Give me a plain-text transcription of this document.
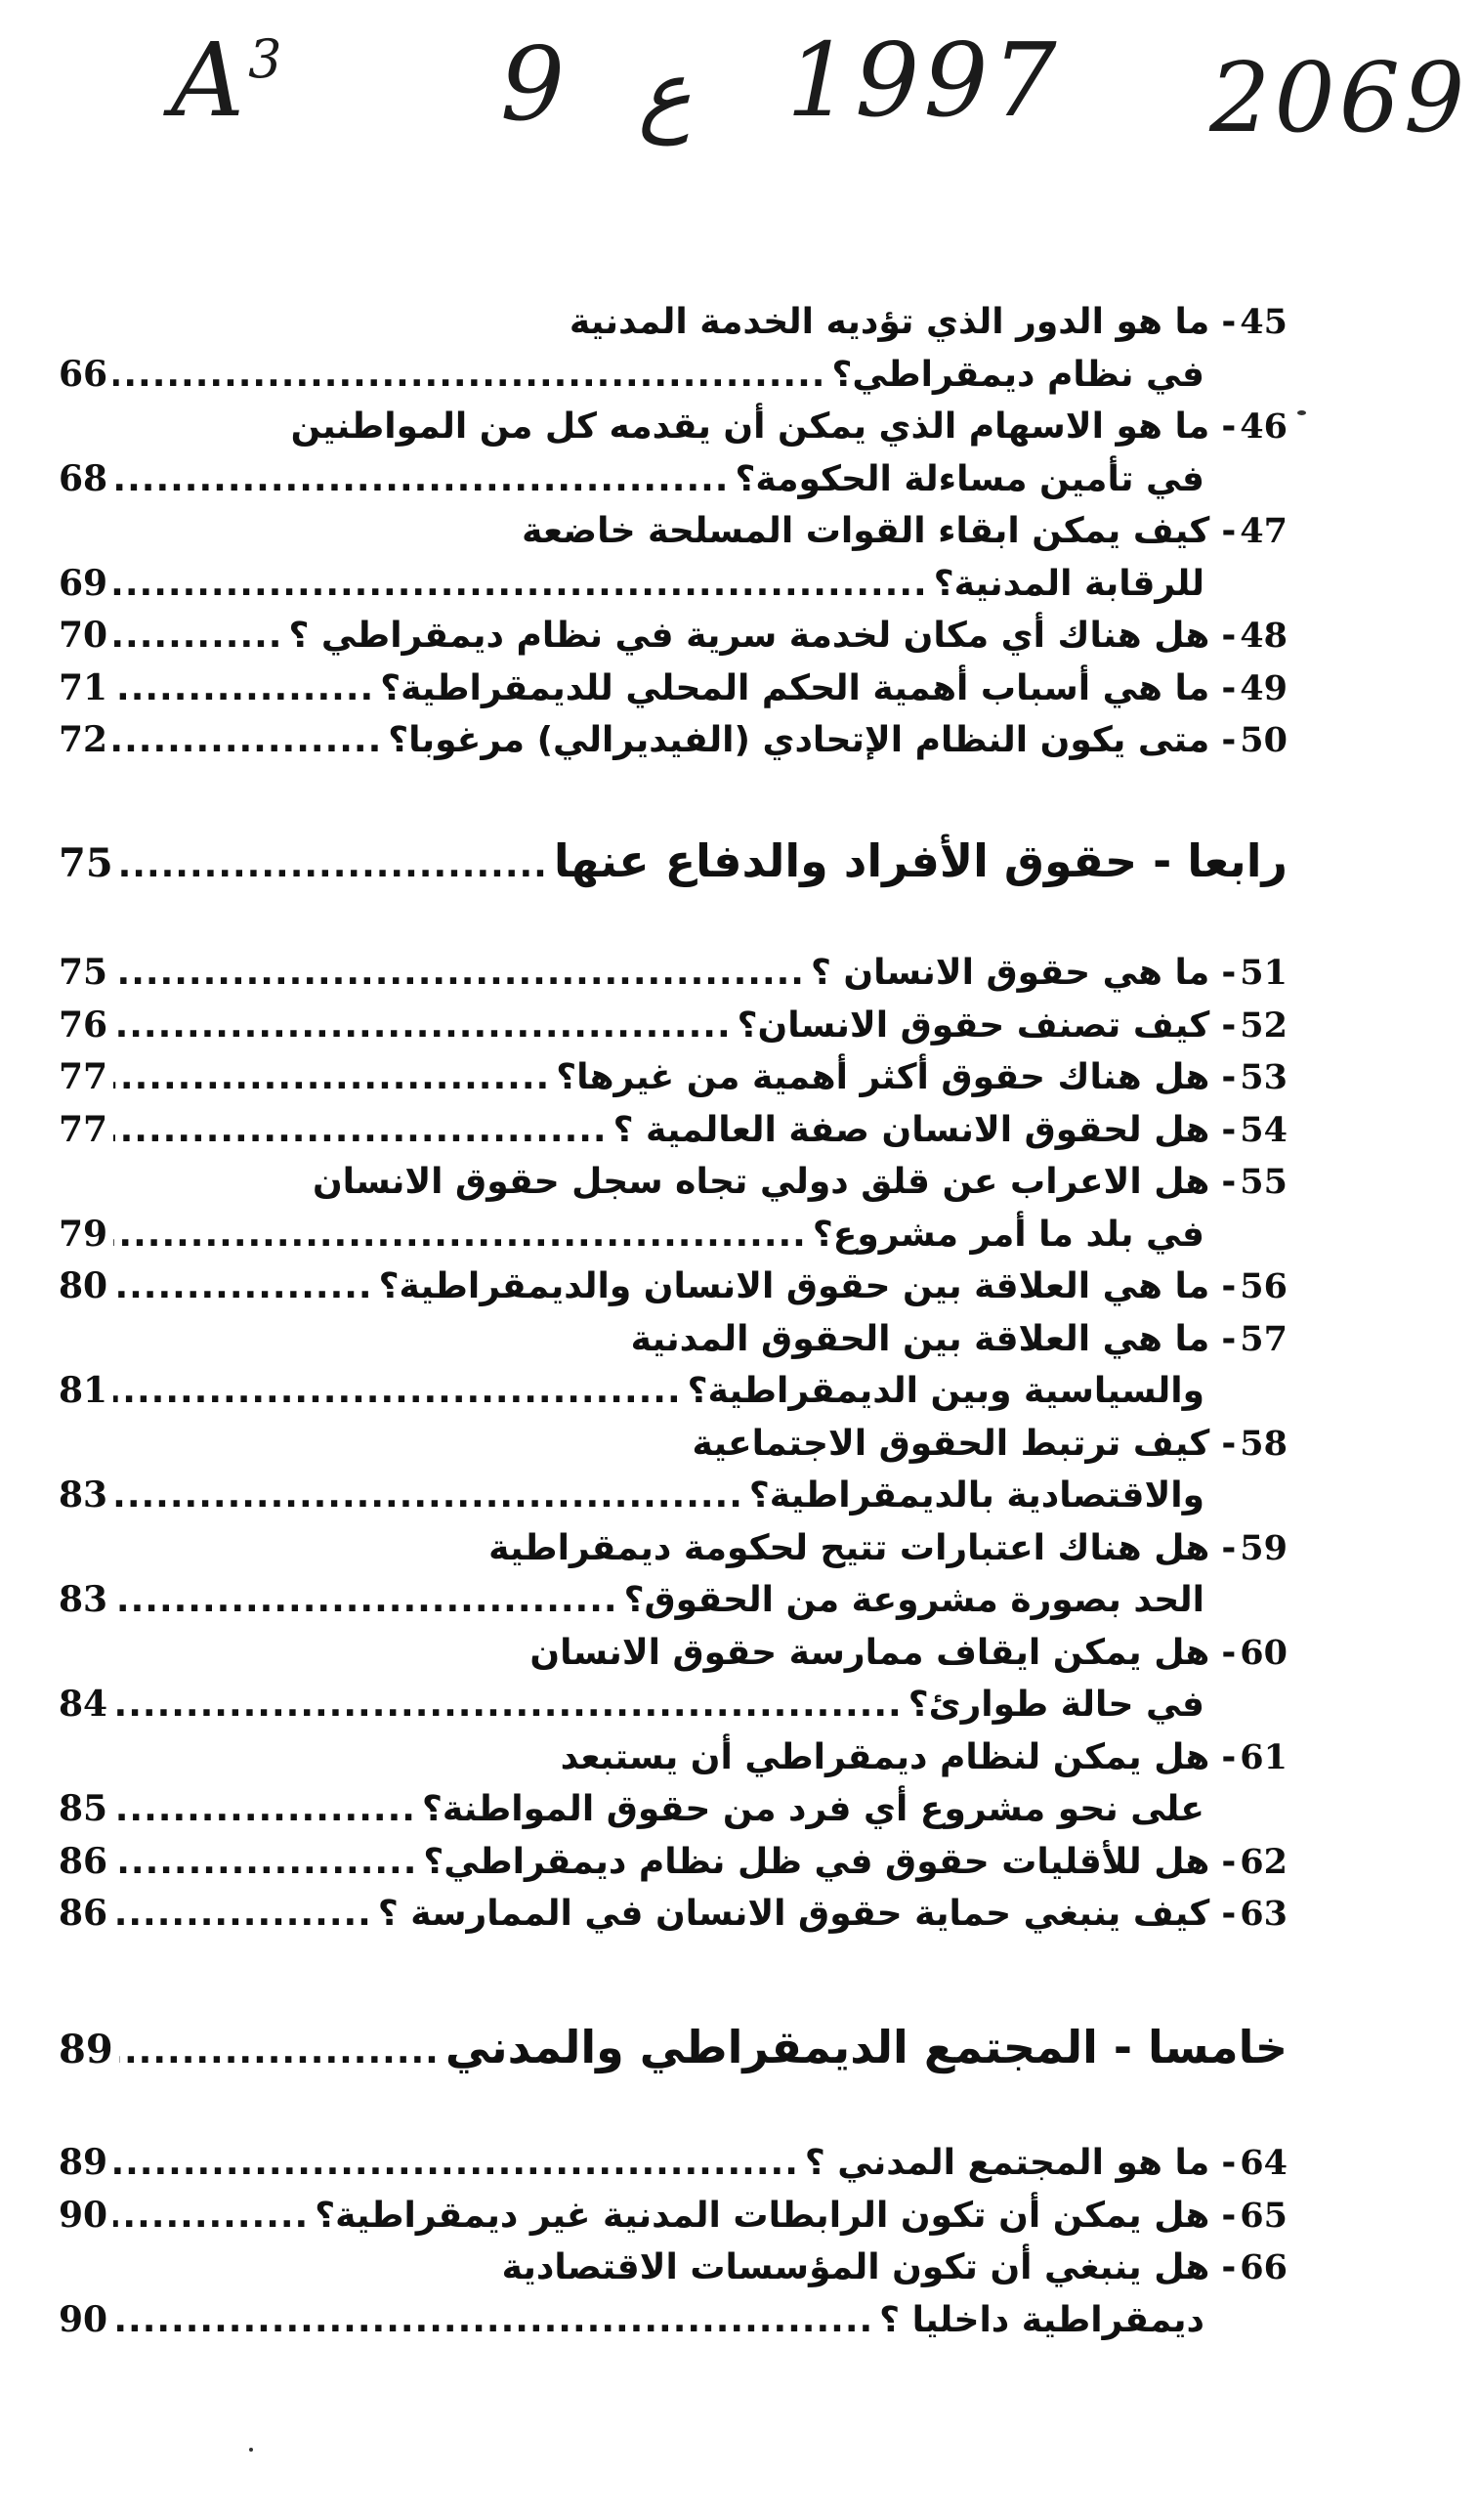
$A^3$ 9 ع 1997 2069
45-ما هو الدور الذي تؤديه الخدمة المدنية
في نظام ديمقراطي؟
.....
66
46-ما هو الاسهام الذي يمكن أن يقدمه كل من المواطنين
في تأمين مساءلة الحكومة؟
.....
68
47-كيف يمكن ابقاء القوات المسلحة خاضعة
للرقابة المدنية؟
.....
69
48-هل هناك أي مكان لخدمة سرية في نظام ديمقراطي ؟
.....
70
49-ما هي أسباب أهمية الحكم المحلي للديمقراطية؟
.....
71
50-متى يكون النظام الإتحادي (الفيديرالي) مرغوبا؟
.....
72
رابعا - حقوق الأفراد والدفاع عنها
.....
75
51-ما هي حقوق الانسان ؟
.....
75
52-كيف تصنف حقوق الانسان؟
.....
76
53-هل هناك حقوق أكثر أهمية من غيرها؟
.....
77
54-هل لحقوق الانسان صفة العالمية ؟
.....
77
55-هل الاعراب عن قلق دولي تجاه سجل حقوق الانسان
في بلد ما أمر مشروع؟
.....
79
56-ما هي العلاقة بين حقوق الانسان والديمقراطية؟
.....
80
57-ما هي العلاقة بين الحقوق المدنية
والسياسية وبين الديمقراطية؟
.....
81
58-كيف ترتبط الحقوق الاجتماعية
والاقتصادية بالديمقراطية؟
.....
83
59-هل هناك اعتبارات تتيح لحكومة ديمقراطية
الحد بصورة مشروعة من الحقوق؟
.....
83
60-هل يمكن ايقاف ممارسة حقوق الانسان
في حالة طوارئ؟
.....
84
61-هل يمكن لنظام ديمقراطي أن يستبعد
على نحو مشروع أي فرد من حقوق المواطنة؟
.....
85
62-هل للأقليات حقوق في ظل نظام ديمقراطي؟
.....
86
63-كيف ينبغي حماية حقوق الانسان في الممارسة ؟
.....
86
خامسا - المجتمع الديمقراطي والمدني
.....
89
64-ما هو المجتمع المدني ؟
.....
89
65-هل يمكن أن تكون الرابطات المدنية غير ديمقراطية؟
.....
90
66-هل ينبغي أن تكون المؤسسات الاقتصادية
ديمقراطية داخليا ؟
.....
90
